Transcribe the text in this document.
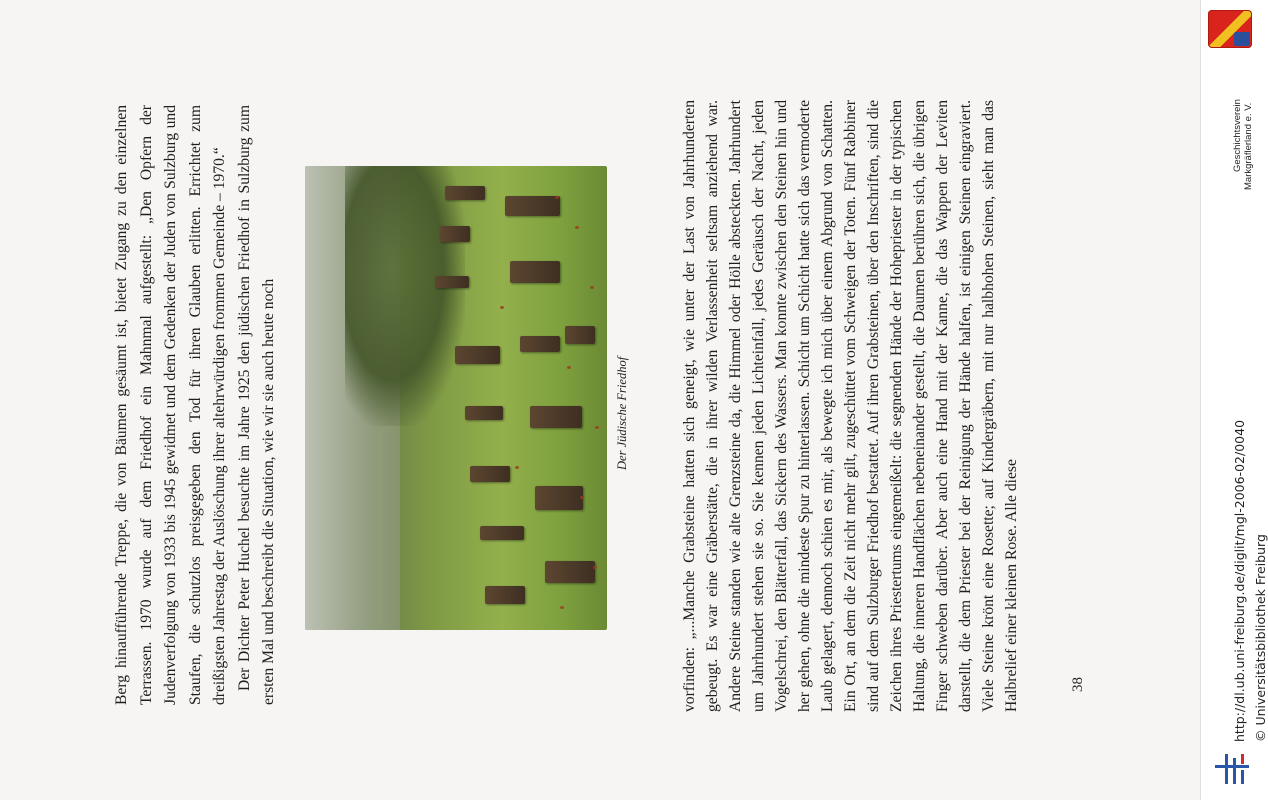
Berg hinaufführende Treppe, die von Bäumen gesäumt ist, bietet Zugang zu den einzelnen Terrassen. 1970 wurde auf dem Friedhof ein Mahnmal aufgestellt: „Den Opfern der Judenverfolgung von 1933 bis 1945 gewidmet und dem Gedenken der Juden von Sulzburg und Staufen, die schutzlos preisgegeben den Tod für ihren Glauben erlitten. Errichtet zum dreißigsten Jahrestag der Auslöschung ihrer altehrwürdigen frommen Gemeinde – 1970.“ Der Dichter Peter Huchel besuchte im Jahre 1925 den jüdischen Friedhof in Sulzburg zum ersten Mal und beschreibt die Situation, wie wir sie auch heute noch	Der Jüdische Friedhof	vorfinden: „...Manche Grabsteine hatten sich geneigt, wie unter der Last von Jahrhunderten gebeugt. Es war eine Gräberstätte, die in ihrer wilden Verlassenheit seltsam anziehend war. Andere Steine standen wie alte Grenzsteine da, die Himmel oder Hölle absteckten. Jahrhundert um Jahrhundert stehen sie so. Sie kennen jeden Lichteinfall, jedes Geräusch der Nacht, jeden Vogelschrei, den Blätterfall, das Sickern des Wassers. Man konnte zwischen den Steinen hin und her gehen, ohne die mindeste Spur zu hinterlassen. Schicht um Schicht hatte sich das vermoderte Laub gelagert, dennoch schien es mir, als bewegte ich mich über einem Abgrund von Schatten. Ein Ort, an dem die Zeit nicht mehr gilt, zugeschüttet vom Schweigen der Toten. Fünf Rabbiner sind auf dem Sulzburger Friedhof bestattet. Auf ihren Grabsteinen, über den Inschriften, sind die Zeichen ihres Priestertums eingemeißelt: die segnenden Hände der Hohepriester in der typischen Haltung, die inneren Handflächen nebeneinander gestellt, die Daumen berühren sich, die übrigen Finger schweben darüber. Aber auch eine Hand mit der Kanne, die das Wappen der Leviten darstellt, die dem Priester bei der Reinigung der Hände halfen, ist einigen Steinen eingraviert. Viele Steine krönt eine Rosette; auf Kindergräbern, mit nur halbhohen Steinen, sieht man das Halbrelief einer kleinen Rose. Alle diese	38
Geschichtsverein Markgräflerland e. V.
http://dl.ub.uni-freiburg.de/diglit/mgl-2006-02/0040 © Universitätsbibliothek Freiburg
